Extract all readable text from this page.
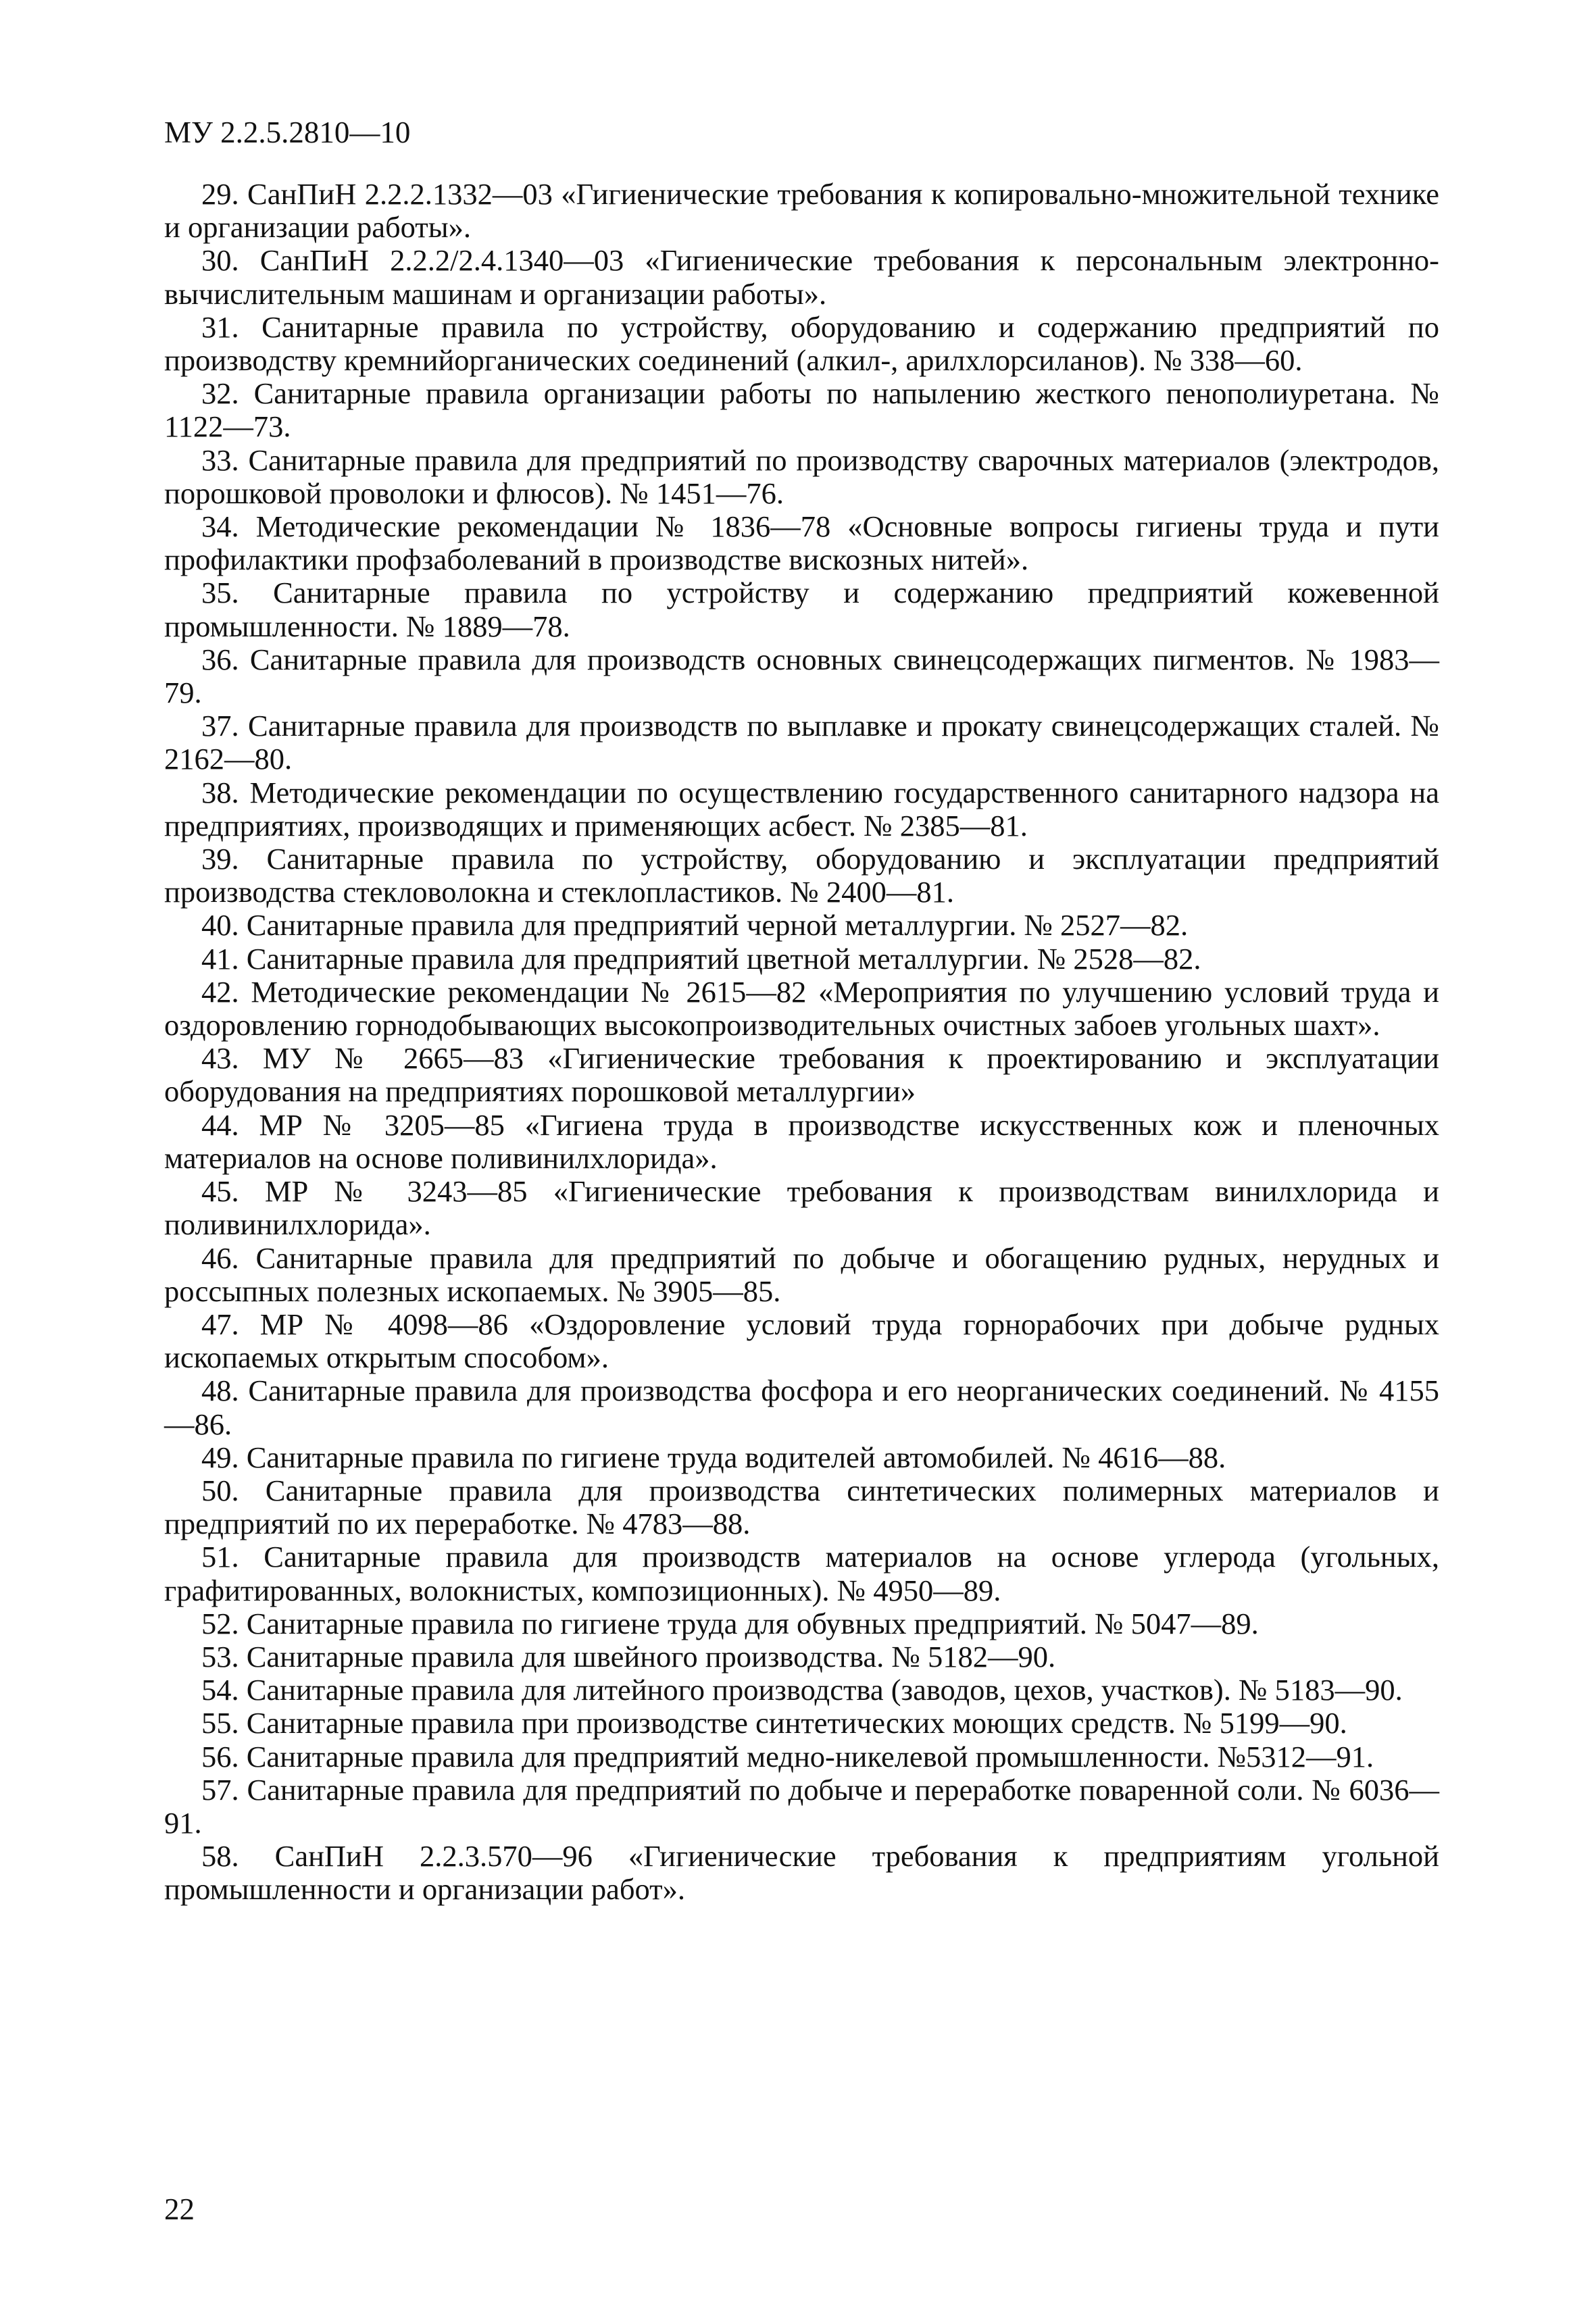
МУ 2.2.5.2810—10
29. СанПиН 2.2.2.1332—03 «Гигиенические требования к копировально-множительной технике и организации работы».
30. СанПиН 2.2.2/2.4.1340—03 «Гигиенические требования к персональным электронно-вычислительным машинам и организации работы».
31. Санитарные правила по устройству, оборудованию и содержанию предприятий по производству кремнийорганических соединений (алкил-, арилхлорсиланов). № 338—60.
32. Санитарные правила организации работы по напылению жесткого пенополиуретана. № 1122—73.
33. Санитарные правила для предприятий по производству сварочных материалов (электродов, порошковой проволоки и флюсов). № 1451—76.
34. Методические рекомендации № 1836—78 «Основные вопросы гигиены труда и пути профилактики профзаболеваний в производстве вискозных нитей».
35. Санитарные правила по устройству и содержанию предприятий кожевенной промышленности. № 1889—78.
36. Санитарные правила для производств основных свинецсодержащих пигментов. № 1983—79.
37. Санитарные правила для производств по выплавке и прокату свинецсодержащих сталей. № 2162—80.
38. Методические рекомендации по осуществлению государственного санитарного надзора на предприятиях, производящих и применяющих асбест. № 2385—81.
39. Санитарные правила по устройству, оборудованию и эксплуатации предприятий производства стекловолокна и стеклопластиков. № 2400—81.
40. Санитарные правила для предприятий черной металлургии. № 2527—82.
41. Санитарные правила для предприятий цветной металлургии. № 2528—82.
42. Методические рекомендации № 2615—82 «Мероприятия по улучшению условий труда и оздоровлению горнодобывающих высокопроизводительных очистных забоев угольных шахт».
43. МУ № 2665—83 «Гигиенические требования к проектированию и эксплуатации оборудования на предприятиях порошковой металлургии»
44. МР № 3205—85 «Гигиена труда в производстве искусственных кож и пленочных материалов на основе поливинилхлорида».
45. МР № 3243—85 «Гигиенические требования к производствам винилхлорида и поливинилхлорида».
46. Санитарные правила для предприятий по добыче и обогащению рудных, нерудных и россыпных полезных ископаемых. № 3905—85.
47. МР № 4098—86 «Оздоровление условий труда горнорабочих при добыче рудных ископаемых открытым способом».
48. Санитарные правила для производства фосфора и его неорганических соединений. № 4155—86.
49. Санитарные правила по гигиене труда водителей автомобилей. № 4616—88.
50. Санитарные правила для производства синтетических полимерных материалов и предприятий по их переработке. № 4783—88.
51. Санитарные правила для производств материалов на основе углерода (угольных, графитированных, волокнистых, композиционных). № 4950—89.
52. Санитарные правила по гигиене труда для обувных предприятий. № 5047—89.
53. Санитарные правила для швейного производства. № 5182—90.
54. Санитарные правила для литейного производства (заводов, цехов, участков). № 5183—90.
55. Санитарные правила при производстве синтетических моющих средств. № 5199—90.
56. Санитарные правила для предприятий медно-никелевой промышленности. №5312—91.
57. Санитарные правила для предприятий по добыче и переработке поваренной соли. № 6036—91.
58. СанПиН 2.2.3.570—96 «Гигиенические требования к предприятиям угольной промышленности и организации работ».
22
